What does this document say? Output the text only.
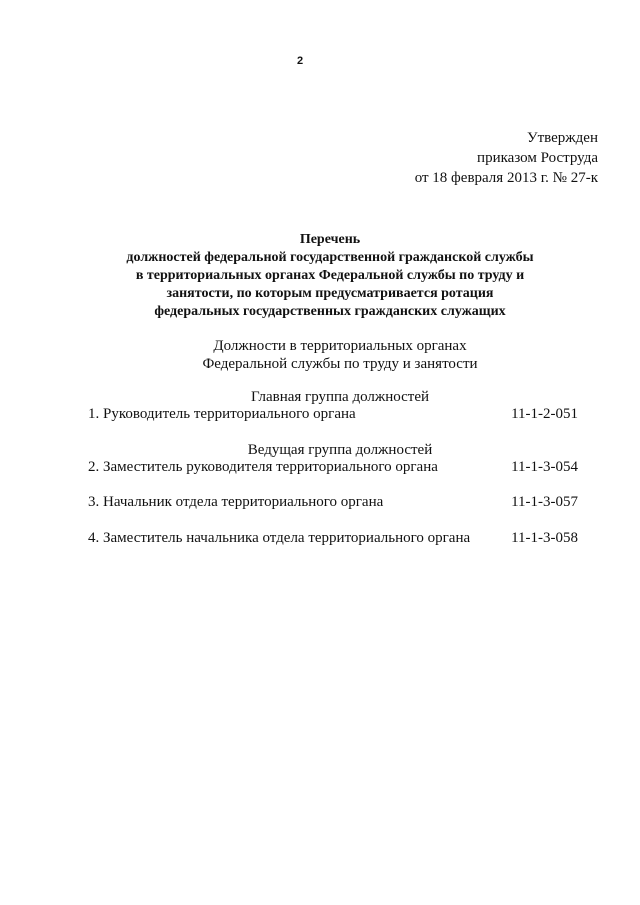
2
Утвержден
приказом Роструда
от 18 февраля 2013 г. № 27-к
Перечень
должностей федеральной государственной гражданской службы
в территориальных органах Федеральной службы по труду и
занятости, по которым предусматривается ротация
федеральных государственных гражданских служащих
Должности в территориальных органах
Федеральной службы по труду и занятости
Главная группа должностей
1. Руководитель территориального органа	11-1-2-051
Ведущая группа должностей
2. Заместитель руководителя территориального органа	11-1-3-054
3. Начальник отдела территориального органа	11-1-3-057
4. Заместитель начальника отдела территориального органа	11-1-3-058
